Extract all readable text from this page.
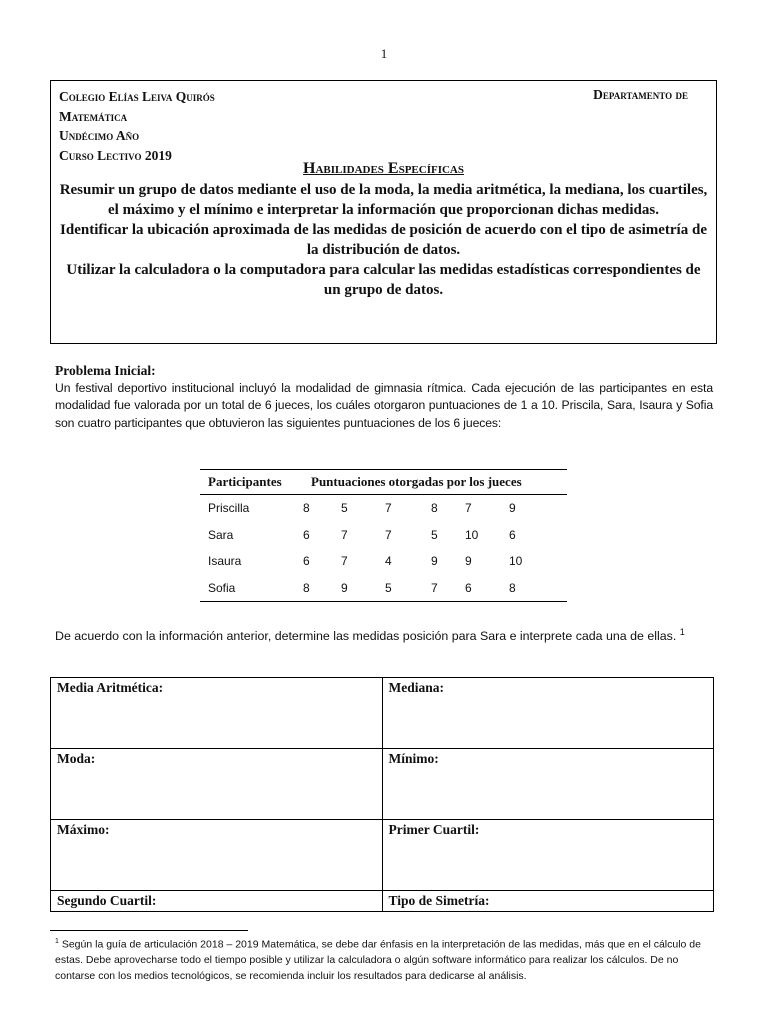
1
Colegio Elías Leiva Quirós
Matemática
Undécimo Año
Curso Lectivo 2019
Departamento de
Habilidades Específicas

Resumir un grupo de datos mediante el uso de la moda, la media aritmética, la mediana, los cuartiles, el máximo y el mínimo e interpretar la información que proporcionan dichas medidas.

Identificar la ubicación aproximada de las medidas de posición de acuerdo con el tipo de asimetría de la distribución de datos.

Utilizar la calculadora o la computadora para calcular las medidas estadísticas correspondientes de un grupo de datos.

Problema Inicial:
Un festival deportivo institucional incluyó la modalidad de gimnasia rítmica. Cada ejecución de las participantes en esta modalidad fue valorada por un total de 6 jueces, los cuáles otorgaron puntuaciones de 1 a 10. Priscila, Sara, Isaura y Sofia son cuatro participantes que obtuvieron las siguientes puntuaciones de los 6 jueces:
Participantes	Puntuaciones otorgadas por los jueces					
Priscilla	8	5	7	8	7	9
Sara	6	7	7	5	10	6
Isaura	6	7	4	9	9	10
Sofia	8	9	5	7	6	8
De acuerdo con la información anterior, determine las medidas posición para Sara e interprete cada una de ellas. $^1$
Media Aritmética:	Mediana:
Moda:	Mínimo:
Máximo:	Primer Cuartil:
Segundo Cuartil:	Tipo de Simetría:
$^1$ Según la guía de articulación 2018 – 2019 Matemática, se debe dar énfasis en la interpretación de las medidas, más que en el cálculo de estas. Debe aprovecharse todo el tiempo posible y utilizar la calculadora o algún software informático para realizar los cálculos. De no contarse con los medios tecnológicos, se recomienda incluir los resultados para dedicarse al análisis.
